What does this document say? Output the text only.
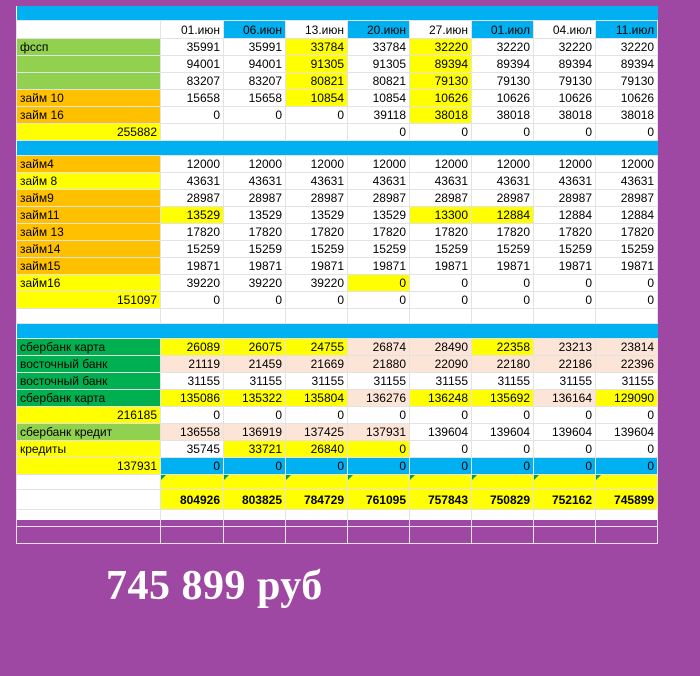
	01.июн	06.июн	13.июн	20.июн	27.июн	01.июл	04.июл	11.июл
фссп	35991	35991	33784	33784	32220	32220	32220	32220
	94001	94001	91305	91305	89394	89394	89394	89394
	83207	83207	80821	80821	79130	79130	79130	79130
займ 10	15658	15658	10854	10854	10626	10626	10626	10626
займ 16	0	0	0	39118	38018	38018	38018	38018
255882				0	0	0	0	0

займ4	12000	12000	12000	12000	12000	12000	12000	12000
займ 8	43631	43631	43631	43631	43631	43631	43631	43631
займ9	28987	28987	28987	28987	28987	28987	28987	28987
займ11	13529	13529	13529	13529	13300	12884	12884	12884
займ 13	17820	17820	17820	17820	17820	17820	17820	17820
займ14	15259	15259	15259	15259	15259	15259	15259	15259
займ15	19871	19871	19871	19871	19871	19871	19871	19871
займ16	39220	39220	39220	0	0	0	0	0
151097	0	0	0	0	0	0	0	0

сбербанк карта	26089	26075	24755	26874	28490	22358	23213	23814
восточный банк	21119	21459	21669	21880	22090	22180	22186	22396
восточный банк	31155	31155	31155	31155	31155	31155	31155	31155
сбербанк карта	135086	135322	135804	136276	136248	135692	136164	129090
216185	0	0	0	0	0	0	0	0
сбербанк кредит	136558	136919	137425	137931	139604	139604	139604	139604
кредиты	35745	33721	26840	0	0	0	0	0
137931	0	0	0	0	0	0	0	0

	804926	803825	784729	761095	757843	750829	752162	745899

745 899 руб
